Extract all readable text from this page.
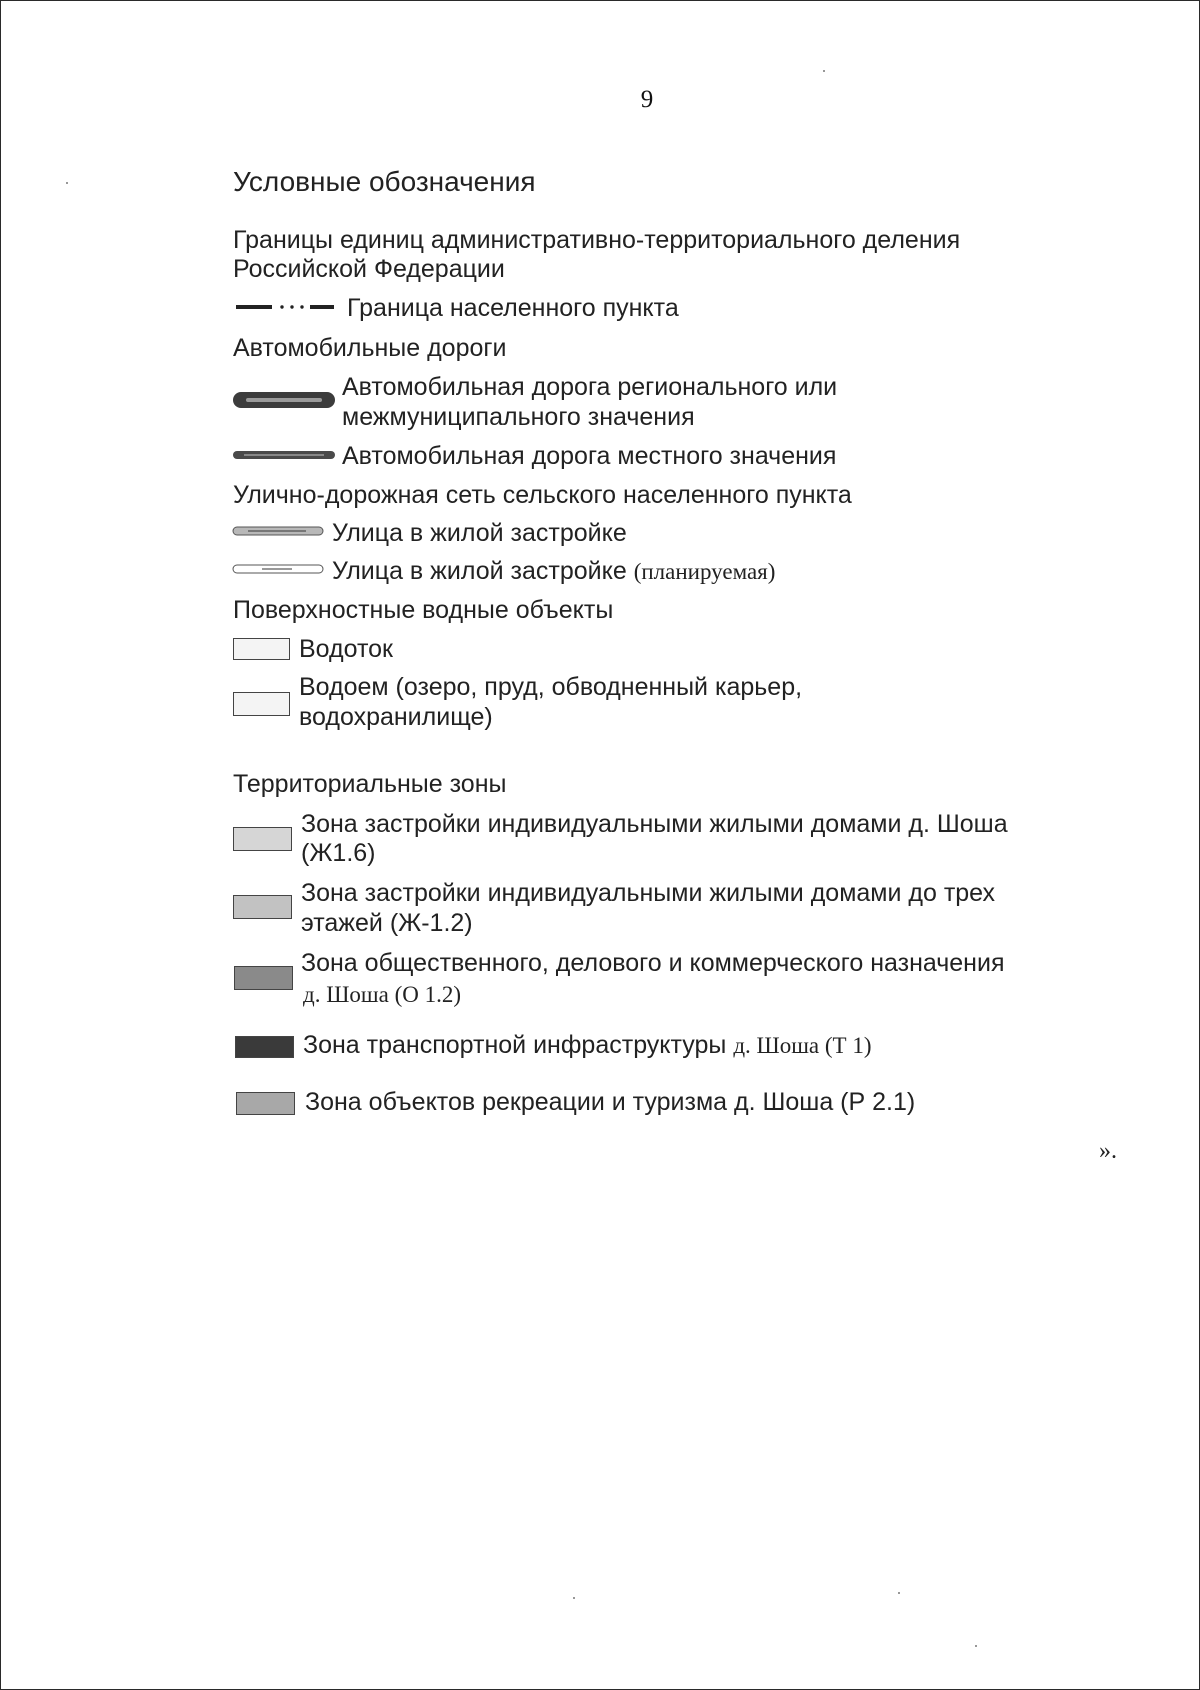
9
Условные обозначения
Границы единиц административно-территориального деления
Российской Федерации
Граница населенного пункта
Автомобильные дороги
Автомобильная дорога регионального или
межмуниципального значения
Автомобильная дорога местного значения
Улично-дорожная сеть сельского населенного пункта
Улица в жилой застройке
Улица в жилой застройке (планируемая)
Поверхностные водные объекты
Водоток
Водоем (озеро, пруд, обводненный карьер,
водохранилище)
Территориальные зоны
Зона застройки индивидуальными жилыми домами д. Шоша
(Ж1.6)
Зона застройки индивидуальными жилыми домами до трех
этажей (Ж-1.2)
Зона общественного, делового и коммерческого назначения
д. Шоша (О 1.2)
Зона транспортной инфраструктуры д. Шоша (Т 1)
Зона объектов рекреации и туризма д. Шоша (Р 2.1)
».
